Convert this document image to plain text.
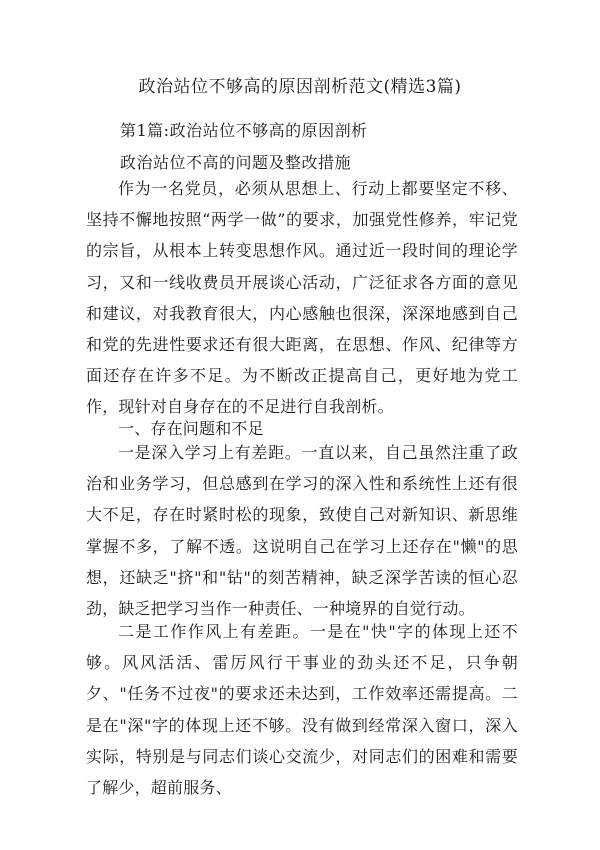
政治站位不够高的原因剖析范文(精选3篇)
第1篇:政治站位不够高的原因剖析
政治站位不高的问题及整改措施

作为一名党员，必须从思想上、行动上都要坚定不移、坚持不懈地按照“两学一做”的要求，加强党性修养，牢记党的宗旨，从根本上转变思想作风。通过近一段时间的理论学习，又和一线收费员开展谈心活动，广泛征求各方面的意见和建议，对我教育很大，内心感触也很深，深深地感到自己和党的先进性要求还有很大距离，在思想、作风、纪律等方面还存在许多不足。为不断改正提高自己，更好地为党工作，现针对自身存在的不足进行自我剖析。

一、存在问题和不足

一是深入学习上有差距。一直以来，自己虽然注重了政治和业务学习，但总感到在学习的深入性和系统性上还有很大不足，存在时紧时松的现象，致使自己对新知识、新思维掌握不多，了解不透。这说明自己在学习上还存在"懒"的思想，还缺乏"挤"和"钻"的刻苦精神，缺乏深学苦读的恒心忍劲，缺乏把学习当作一种责任、一种境界的自觉行动。

二是工作作风上有差距。一是在"快"字的体现上还不够。风风活活、雷厉风行干事业的劲头还不足，只争朝夕、"任务不过夜"的要求还未达到，工作效率还需提高。二是在"深"字的体现上还不够。没有做到经常深入窗口，深入实际，特别是与同志们谈心交流少，对同志们的困难和需要了解少，超前服务、
